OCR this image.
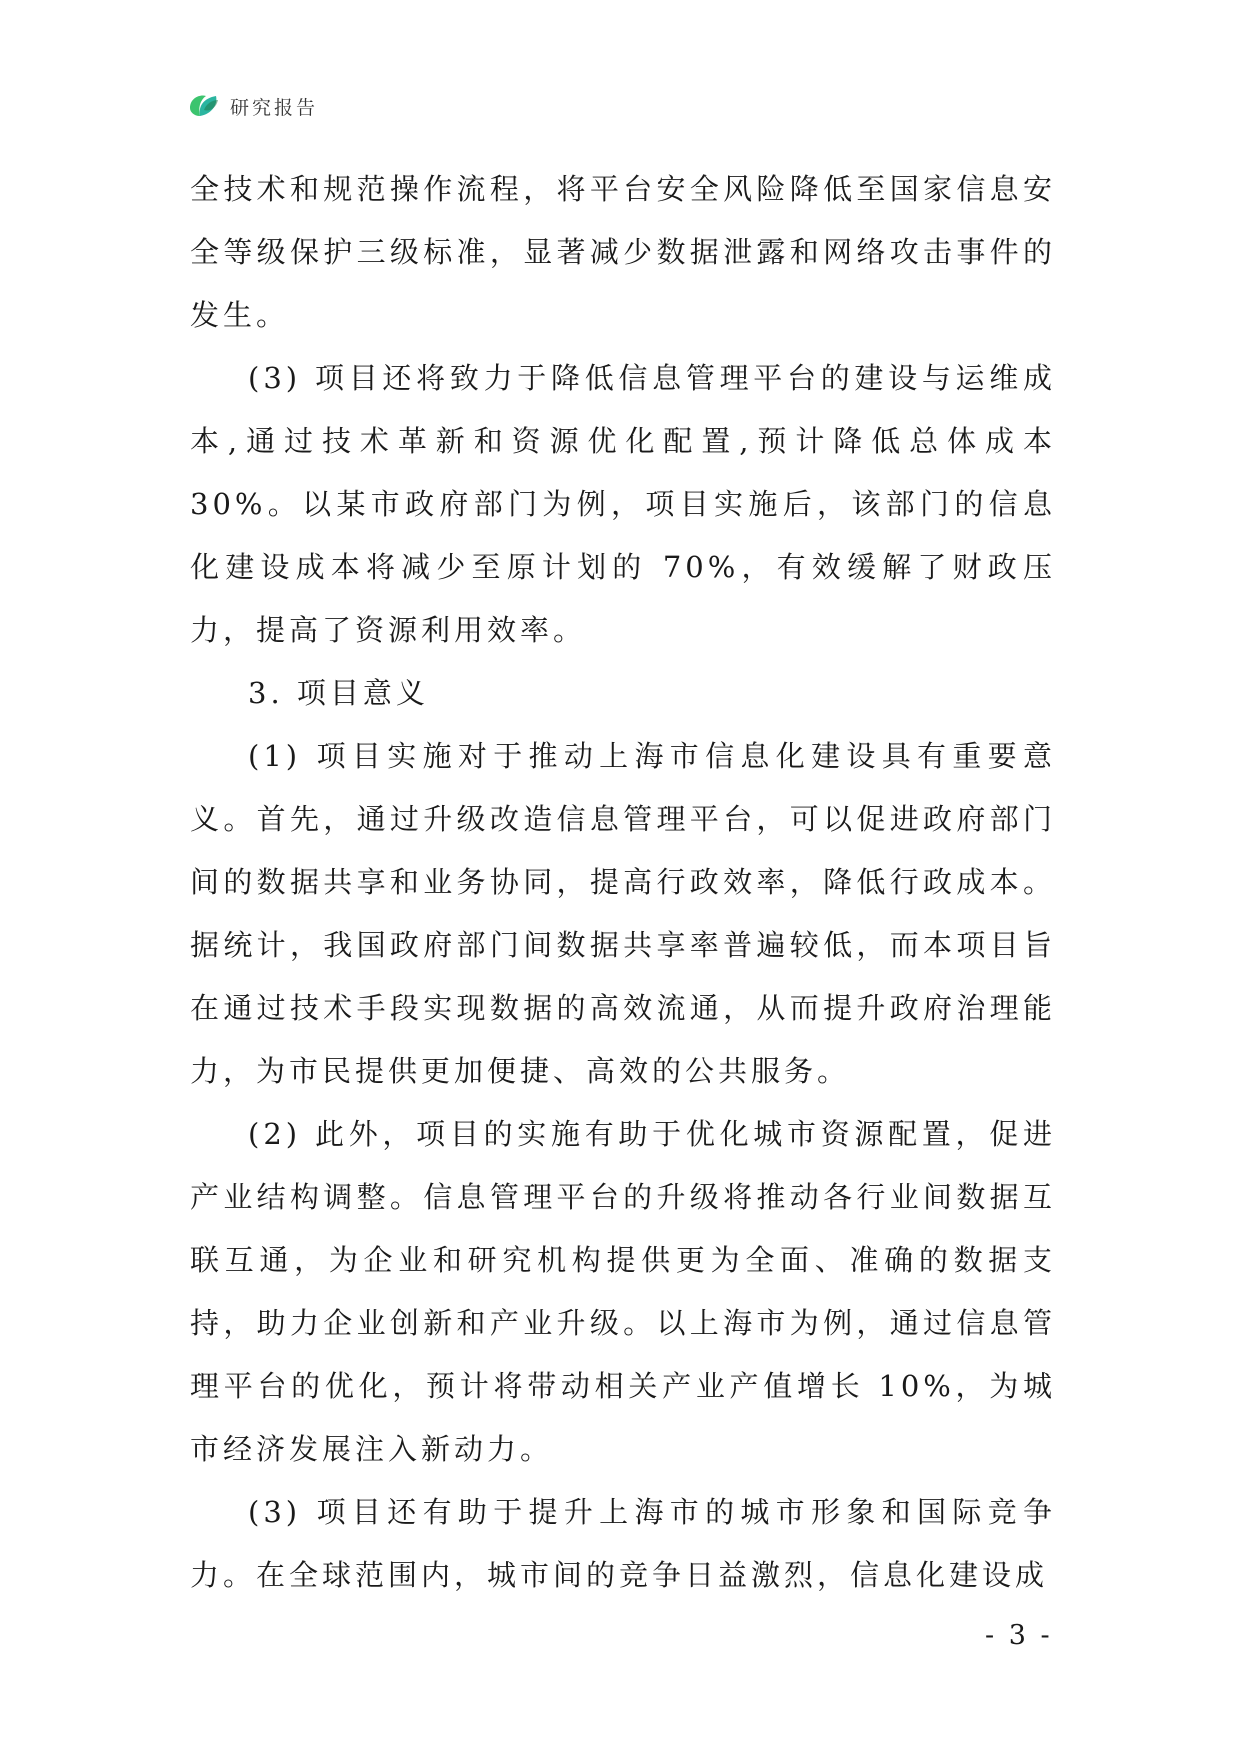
研究报告

全技术和规范操作流程，将平台安全风险降低至国家信息安全等级保护三级标准，显著减少数据泄露和网络攻击事件的发生。

(3) 项目还将致力于降低信息管理平台的建设与运维成本,通过技术革新和资源优化配置,预计降低总体成本 30%。以某市政府部门为例，项目实施后，该部门的信息化建设成本将减少至原计划的 70%，有效缓解了财政压力，提高了资源利用效率。

3. 项目意义

(1) 项目实施对于推动上海市信息化建设具有重要意义。首先，通过升级改造信息管理平台，可以促进政府部门间的数据共享和业务协同，提高行政效率，降低行政成本。据统计，我国政府部门间数据共享率普遍较低，而本项目旨在通过技术手段实现数据的高效流通，从而提升政府治理能力，为市民提供更加便捷、高效的公共服务。

(2) 此外，项目的实施有助于优化城市资源配置，促进产业结构调整。信息管理平台的升级将推动各行业间数据互联互通，为企业和研究机构提供更为全面、准确的数据支持，助力企业创新和产业升级。以上海市为例，通过信息管理平台的优化，预计将带动相关产业产值增长 10%，为城市经济发展注入新动力。

(3) 项目还有助于提升上海市的城市形象和国际竞争力。在全球范围内，城市间的竞争日益激烈，信息化建设成

- 3 -
